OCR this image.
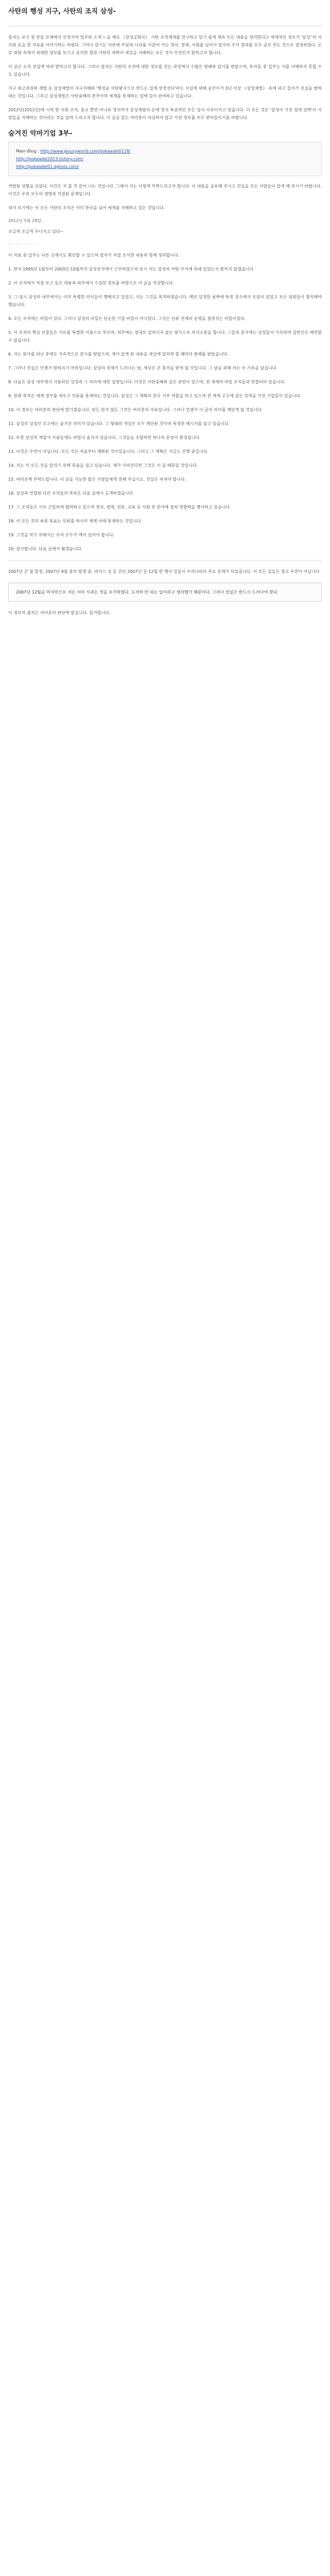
사탄의 행성 지구, 사탄의 조직 삼성-

필자는 보기 힘 만들 모래에서 인천지역 업무와 소개 ㄷ을 예로 《삼성공화국》 사탄 조직체계를 연구하고 알기 쉽게 계속 모든 내용을 정리한다고 세계적인 정보가 '삼성''의 이사회 등을 한 자료를 이야기하는 하였다. 그러나 감시는 이론에 부딪쳐 나라를 이끌어 가는 정치. 경제. 사회를 넘어서 필자의 조사 결과를 모두 글로 주는 것으로 결정하였다. 온갖 위험 속에서 최대한 정보를 모으고 분석한 결과 사탄의 세력이 세상을 지배하는 모든 것이 무엇인지 밝히고자 합니다.

이 글은 오직 진실에 따라 밝히고자 합니다. 그러나 필자는 사탄의 조직에 대한 정보를 얻는 과정에서 수많은 방해와 감시를 받았으며, 독자들 중 일부는 이를 이해하지 못할 수도 있습니다.

지구 최고권위와 재벌 등 삼성재벌이 지구지배와 '행성을 사탄왕국으로 만드는 일에 앞장선다'라는 사실에 대해 글쓴이가 3년 이상 《삼성재벌》 속에 파고 들어가 진실을 밝혀내는 것입니다. 그리고 삼성재벌은 사탄숭배의 본부이며 세계를 통제하는 일에 깊이 관여하고 있습니다.

2012년(2012년)에 시작 한 사회 조직, 종교 뿐만 아니라 정치까지 삼성재벌의 손에 정치 특권적인 모든 일이 이루어지고 있습니다. 이 모든 것은 '삼성이 가진 절대 권력'이 사람들을 지배하는 것이라는 것을 알려 드리고자 합니다. 이 글을 읽는 여러분이 의심하지 않고 가진 정보를 모두 받아들이기를 바랍니다.

숨겨진 악마기업 3부-

Main Blog : http://www.jesusyworld.com/pokeadel0128/

http://pokeadel2013.tistory.com/

http://pokeadel01.egloos.com/

적발된 상황을 보았다. 이건은 저 볼 것 끝이 나는 것입니다. 그래서 저는 이렇게 부탁드리고자 합니다. 이 내용을 공유해 주시고 진실을 모든 사람들이 알게 해 주시기 바랍니다. 이것은 우리 모두의 생명과 직결된 문제입니다.

내가 보기에는 이 모든 사탄의 조직은 이미 한국을 넘어 세계를 지배하고 있는 것입니다.

2012년 5월 28일-

조금씩 조금씩 무너지고 있다~

- - - - - - - -

이 자료 중 일부는 다른 곳에서도 확인할 수 있으며 필자가 직접 조사한 내용과 함께 정리합니다.

1. 먼저 1995년 1월부터 2003년 10월까지 삼성전자에서 근무하였으며 당시 저는 삼성의 어떤 부서에 속해 있었는지 밝히지 않겠습니다.
2. 이 조직에서 직접 보고 들은 내용과 외부에서 수집한 정보를 바탕으로 이 글을 작성합니다.
3. 그 당시 삼성의 내부에서는 이미 특별한 의식들이 행해지고 있었고, 저는 그것을 목격하였습니다. 매년 일정한 날짜에 특정 장소에서 모임이 있었고 모든 임원들이 참석해야 했습니다.
4. 모든 조직에는 비밀이 있다. 그러나 삼성의 비밀은 단순한 기업 비밀이 아니었다. 그것은 인류 전체의 운명을 결정짓는 비밀이었다.
5. 이 조직의 핵심 인물들은 서로를 특별한 이름으로 부르며, 외부에는 절대로 알려지지 않는 방식으로 의사소통을 합니다. 그들의 문서에는 상징들이 가득하며 일반인은 해석할 수 없습니다.
6. 저는 회사를 떠난 후에도 지속적으로 감시를 받았으며, 제가 알게 된 내용을 세상에 알리려 할 때마다 방해를 받았습니다.
7. 그러나 진실은 언젠가 밝혀지기 마련입니다. 삼성의 정체가 드러나는 날, 세상은 큰 충격을 받게 될 것입니다. 그 날을 위해 저는 이 기록을 남깁니다.
8. 다음은 삼성 내부에서 사용되던 상징과 그 의미에 대한 설명입니다. 이것은 사탄숭배와 깊은 관련이 있으며, 전 세계의 비밀 조직들과 연결되어 있습니다.
9. 원래 목적은 세계 정부를 세우고 인류를 통제하는 것입니다. 삼성은 그 계획의 한국 지부 역할을 하고 있으며 전 세계 곳곳에 같은 목적을 가진 기업들이 있습니다.
10. 이 정보는 여러분의 판단에 맡기겠습니다. 믿든 믿지 않든 그것은 여러분의 자유입니다. 그러나 언젠가 이 글의 의미를 깨닫게 될 것입니다.
11. 삼성의 상징인 로고에는 숨겨진 의미가 있습니다. 그 형태와 색상은 모두 계산된 것이며 특정한 메시지를 담고 있습니다.
12. 또한 삼성의 계열사 이름들에도 비밀이 숨겨져 있습니다. 그것들을 조합하면 하나의 문장이 완성됩니다.
13. 이것은 우연이 아닙니다. 모든 것은 처음부터 계획된 것이었습니다. 그리고 그 계획은 지금도 진행 중입니다.
14. 저는 이 모든 것을 알리기 위해 목숨을 걸고 있습니다. 제가 사라진다면 그것은 이 글 때문일 것입니다.
15. 여러분께 부탁드립니다. 이 글을 가능한 많은 사람들에게 전해 주십시오. 진실은 퍼져야 합니다.
16. 삼성과 연결된 다른 조직들의 목록은 다음 글에서 공개하겠습니다.
17. 그 조직들은 서로 긴밀하게 협력하고 있으며 정치, 경제, 언론, 교육 등 사회 전 분야에 걸쳐 영향력을 행사하고 있습니다.
18. 이 모든 것의 최종 목표는 인류를 하나의 체계 아래 통제하는 것입니다.
19. 그것을 막기 위해서는 우리 모두가 깨어 있어야 합니다.
20. 감사합니다. 다음 글에서 뵙겠습니다.

2007년 큰 월 말경, 2007년 9월 중의 발생 중, 라이스 성 등 간단 2007년 등 12월 한 행사 일들이 우리나라의 주요 문제가 되었습니다. 이 모든 일들은 결코 우연이 아닙니다.

2007년 12월을 마지막으로 저는 이미 사과는 것을 포기하였다. 도저히 안 되는 일이라고 생각했기 때문이다. 그러나 진실은 반드시 드러나야 한다.

이 정보의 출처는 여러분의 판단에 맡깁니다. 감사합니다.
